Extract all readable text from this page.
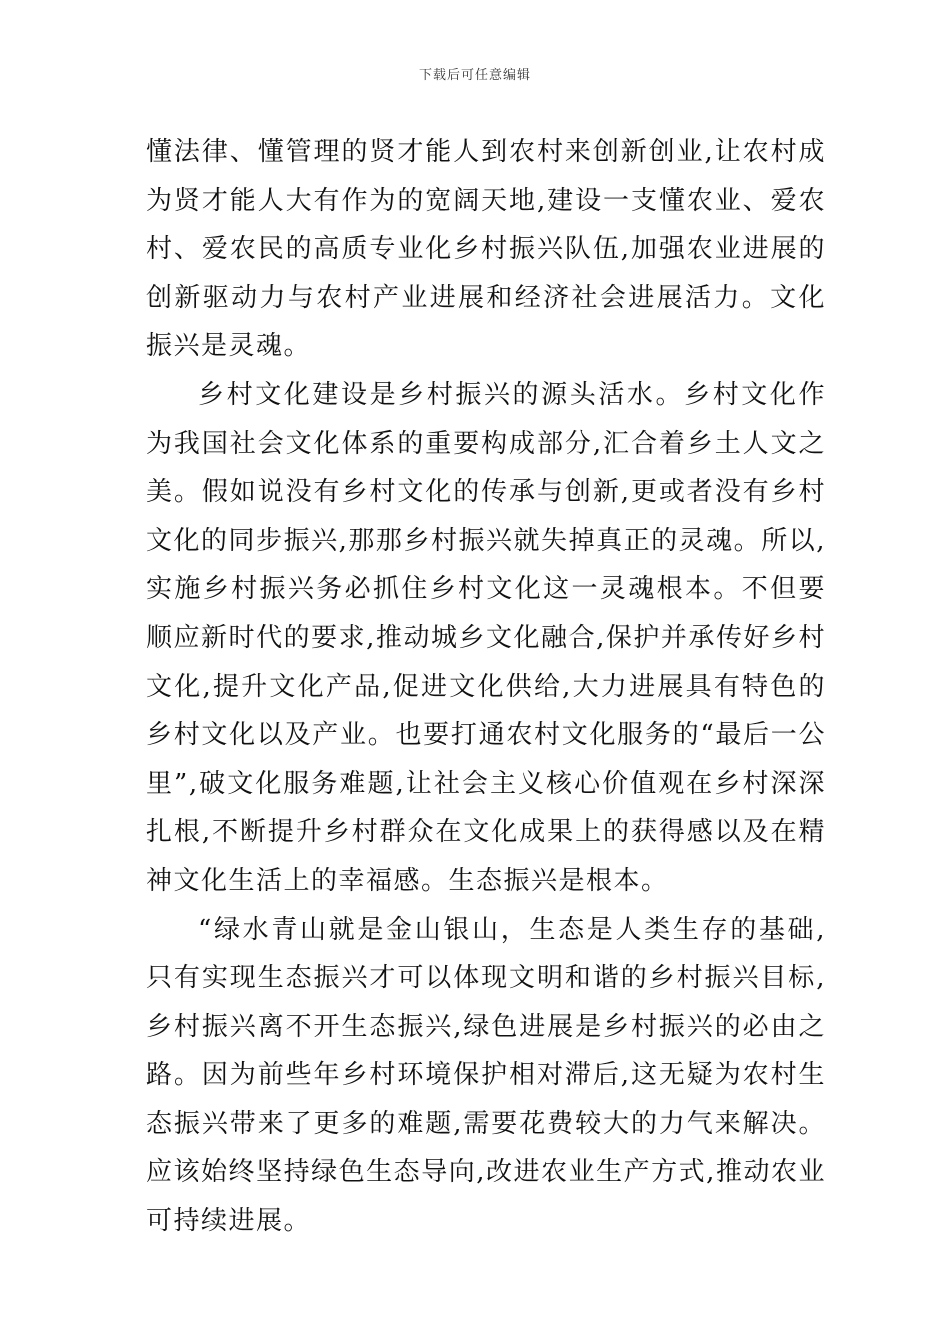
下载后可任意编辑

懂法律、懂管理的贤才能人到农村来创新创业,让农村成为贤才能人大有作为的宽阔天地,建设一支懂农业、爱农村、爱农民的高质专业化乡村振兴队伍,加强农业进展的创新驱动力与农村产业进展和经济社会进展活力。文化振兴是灵魂。

乡村文化建设是乡村振兴的源头活水。乡村文化作为我国社会文化体系的重要构成部分,汇合着乡土人文之美。假如说没有乡村文化的传承与创新,更或者没有乡村文化的同步振兴,那那乡村振兴就失掉真正的灵魂。所以,实施乡村振兴务必抓住乡村文化这一灵魂根本。不但要顺应新时代的要求,推动城乡文化融合,保护并承传好乡村文化,提升文化产品,促进文化供给,大力进展具有特色的乡村文化以及产业。也要打通农村文化服务的“最后一公里”,破文化服务难题,让社会主义核心价值观在乡村深深扎根,不断提升乡村群众在文化成果上的获得感以及在精神文化生活上的幸福感。生态振兴是根本。

“绿水青山就是金山银山，生态是人类生存的基础,只有实现生态振兴才可以体现文明和谐的乡村振兴目标,乡村振兴离不开生态振兴,绿色进展是乡村振兴的必由之路。因为前些年乡村环境保护相对滞后,这无疑为农村生态振兴带来了更多的难题,需要花费较大的力气来解决。应该始终坚持绿色生态导向,改进农业生产方式,推动农业可持续进展。
